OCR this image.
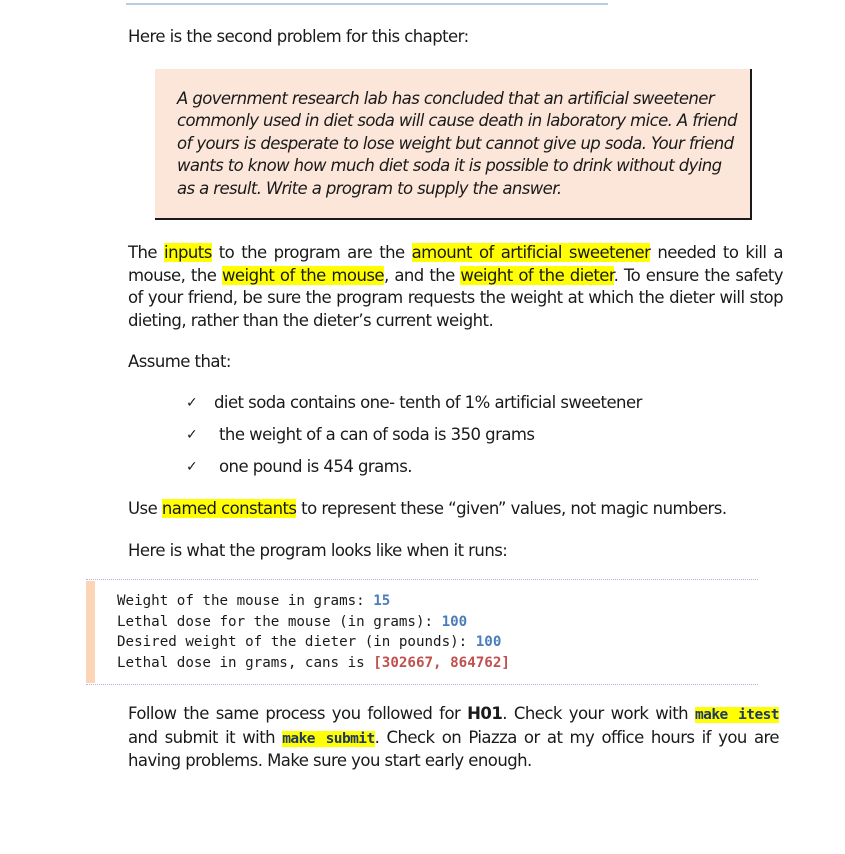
Here is the second problem for this chapter:
A government research lab has concluded that an artificial sweetener commonly used in diet soda will cause death in laboratory mice. A friend of yours is desperate to lose weight but cannot give up soda. Your friend wants to know how much diet soda it is possible to drink without dying as a result. Write a program to supply the answer.
The inputs to the program are the amount of artificial sweetener needed to kill a mouse, the weight of the mouse, and the weight of the dieter. To ensure the safety of your friend, be sure the program requests the weight at which the dieter will stop dieting, rather than the dieter’s current weight.
Assume that:
✓	diet soda contains one- tenth of 1% artificial sweetener
✓	the weight of a can of soda is 350 grams
✓	one pound is 454 grams.
Use named constants to represent these “given” values, not magic numbers.
Here is what the program looks like when it runs:
Weight of the mouse in grams: 15
Lethal dose for the mouse (in grams): 100
Desired weight of the dieter (in pounds): 100
Lethal dose in grams, cans is [302667, 864762]
Follow the same process you followed for H01. Check your work with make itest and submit it with make submit. Check on Piazza or at my office hours if you are having problems. Make sure you start early enough.
